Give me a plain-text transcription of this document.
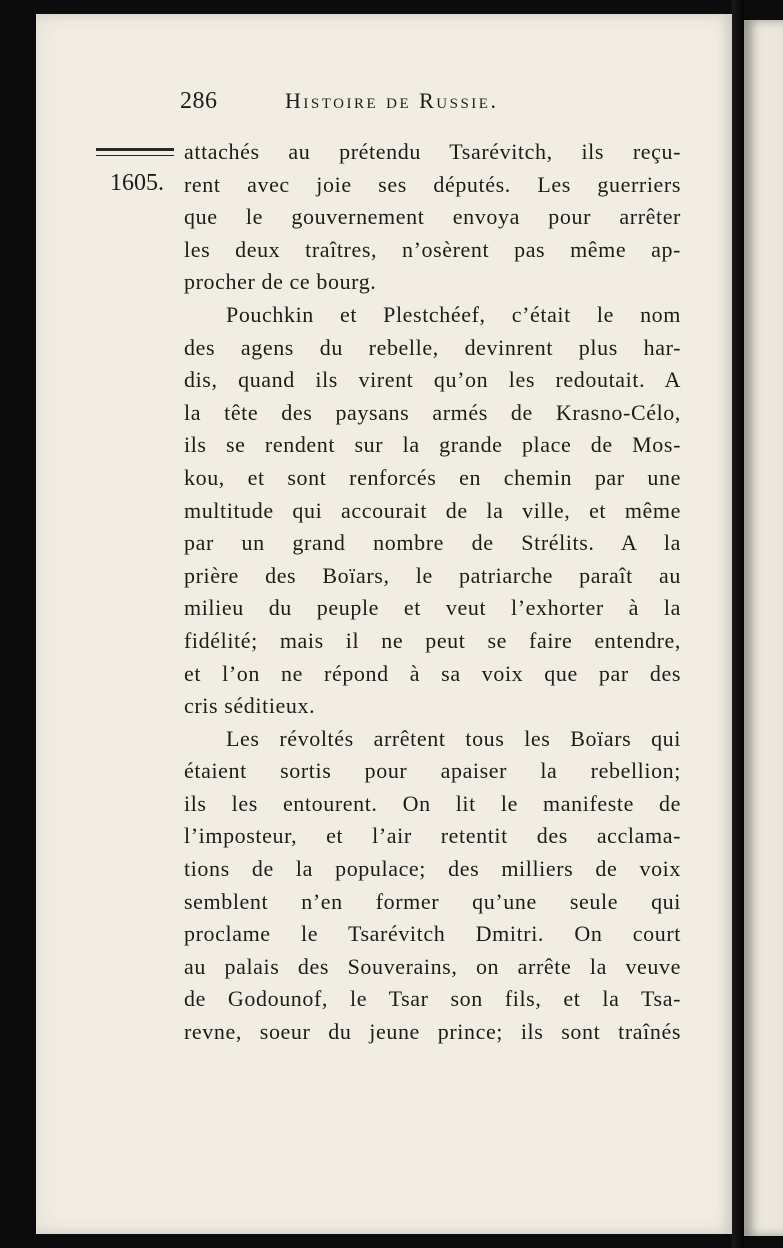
286	Histoire de Russie.
1605.
attachés au prétendu Tsarévitch, ils reçu-
rent avec joie ses députés. Les guerriers
que le gouvernement envoya pour arrêter
les deux traîtres, n’osèrent pas même ap-
procher de ce bourg.
Pouchkin et Plestchéef, c’était le nom
des agens du rebelle, devinrent plus har-
dis, quand ils virent qu’on les redoutait. A
la tête des paysans armés de Krasno-Célo,
ils se rendent sur la grande place de Mos-
kou, et sont renforcés en chemin par une
multitude qui accourait de la ville, et même
par un grand nombre de Strélits. A la
prière des Boïars, le patriarche paraît au
milieu du peuple et veut l’exhorter à la
fidélité; mais il ne peut se faire entendre,
et l’on ne répond à sa voix que par des
cris séditieux.
Les révoltés arrêtent tous les Boïars qui
étaient sortis pour apaiser la rebellion;
ils les entourent. On lit le manifeste de
l’imposteur, et l’air retentit des acclama-
tions de la populace; des milliers de voix
semblent n’en former qu’une seule qui
proclame le Tsarévitch Dmitri. On court
au palais des Souverains, on arrête la veuve
de Godounof, le Tsar son fils, et la Tsa-
revne, soeur du jeune prince; ils sont traînés
